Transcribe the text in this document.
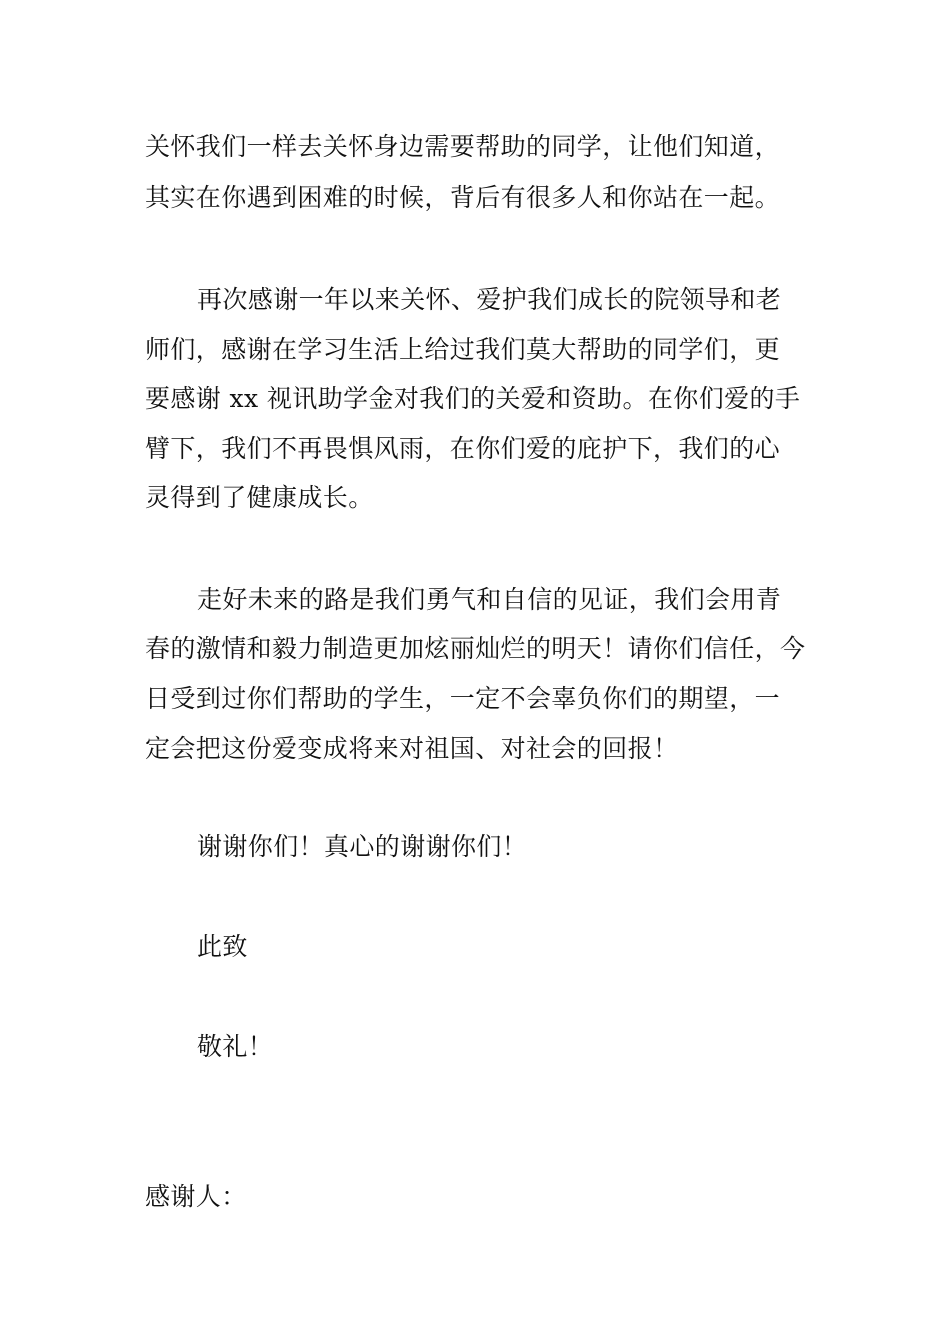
关怀我们一样去关怀身边需要帮助的同学，让他们知道，
其实在你遇到困难的时候，背后有很多人和你站在一起。
再次感谢一年以来关怀、爱护我们成长的院领导和老
师们，感谢在学习生活上给过我们莫大帮助的同学们，更
要感谢 xx 视讯助学金对我们的关爱和资助。在你们爱的手
臂下，我们不再畏惧风雨，在你们爱的庇护下，我们的心
灵得到了健康成长。
走好未来的路是我们勇气和自信的见证，我们会用青
春的激情和毅力制造更加炫丽灿烂的明天！请你们信任，今
日受到过你们帮助的学生，一定不会辜负你们的期望，一
定会把这份爱变成将来对祖国、对社会的回报！
谢谢你们！真心的谢谢你们！
此致
敬礼！
感谢人：
